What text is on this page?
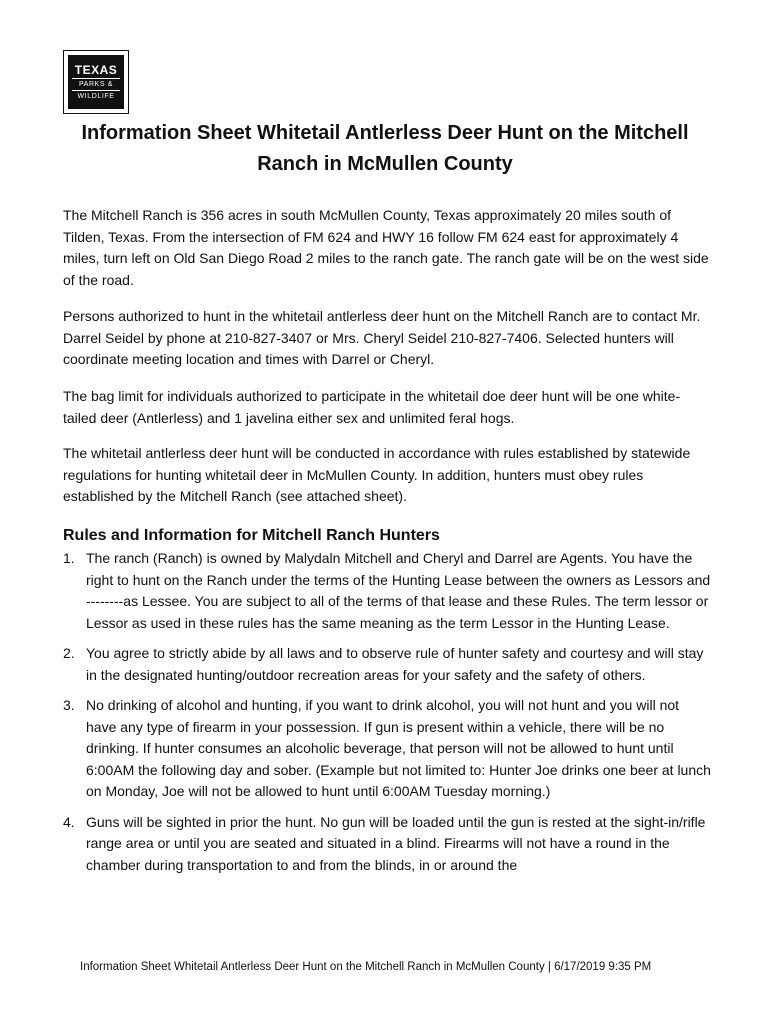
TEXAS
PARKS &
WILDLIFE
Information Sheet Whitetail Antlerless Deer Hunt on the Mitchell Ranch in McMullen County

The Mitchell Ranch is 356 acres in south McMullen County, Texas approximately 20 miles south of Tilden, Texas. From the intersection of FM 624 and HWY 16 follow FM 624 east for approximately 4 miles, turn left on Old San Diego Road 2 miles to the ranch gate. The ranch gate will be on the west side of the road.

Persons authorized to hunt in the whitetail antlerless deer hunt on the Mitchell Ranch are to contact Mr. Darrel Seidel by phone at 210-827-3407 or Mrs. Cheryl Seidel 210-827-7406. Selected hunters will coordinate meeting location and times with Darrel or Cheryl.

The bag limit for individuals authorized to participate in the whitetail doe deer hunt will be one white-tailed deer (Antlerless) and 1 javelina either sex and unlimited feral hogs.

The whitetail antlerless deer hunt will be conducted in accordance with rules established by statewide regulations for hunting whitetail deer in McMullen County. In addition, hunters must obey rules established by the Mitchell Ranch (see attached sheet).

Rules and Information for Mitchell Ranch Hunters
1. The ranch (Ranch) is owned by Malydaln Mitchell and Cheryl and Darrel are Agents. You have the right to hunt on the Ranch under the terms of the Hunting Lease between the owners as Lessors and --------as Lessee. You are subject to all of the terms of that lease and these Rules. The term lessor or Lessor as used in these rules has the same meaning as the term Lessor in the Hunting Lease.
2. You agree to strictly abide by all laws and to observe rule of hunter safety and courtesy and will stay in the designated hunting/outdoor recreation areas for your safety and the safety of others.
3. No drinking of alcohol and hunting, if you want to drink alcohol, you will not hunt and you will not have any type of firearm in your possession. If gun is present within a vehicle, there will be no drinking. If hunter consumes an alcoholic beverage, that person will not be allowed to hunt until 6:00AM the following day and sober. (Example but not limited to: Hunter Joe drinks one beer at lunch on Monday, Joe will not be allowed to hunt until 6:00AM Tuesday morning.)
4. Guns will be sighted in prior the hunt. No gun will be loaded until the gun is rested at the sight-in/rifle range area or until you are seated and situated in a blind. Firearms will not have a round in the chamber during transportation to and from the blinds, in or around the
Information Sheet Whitetail Antlerless Deer Hunt on the Mitchell Ranch in McMullen County | 6/17/2019 9:35 PM
